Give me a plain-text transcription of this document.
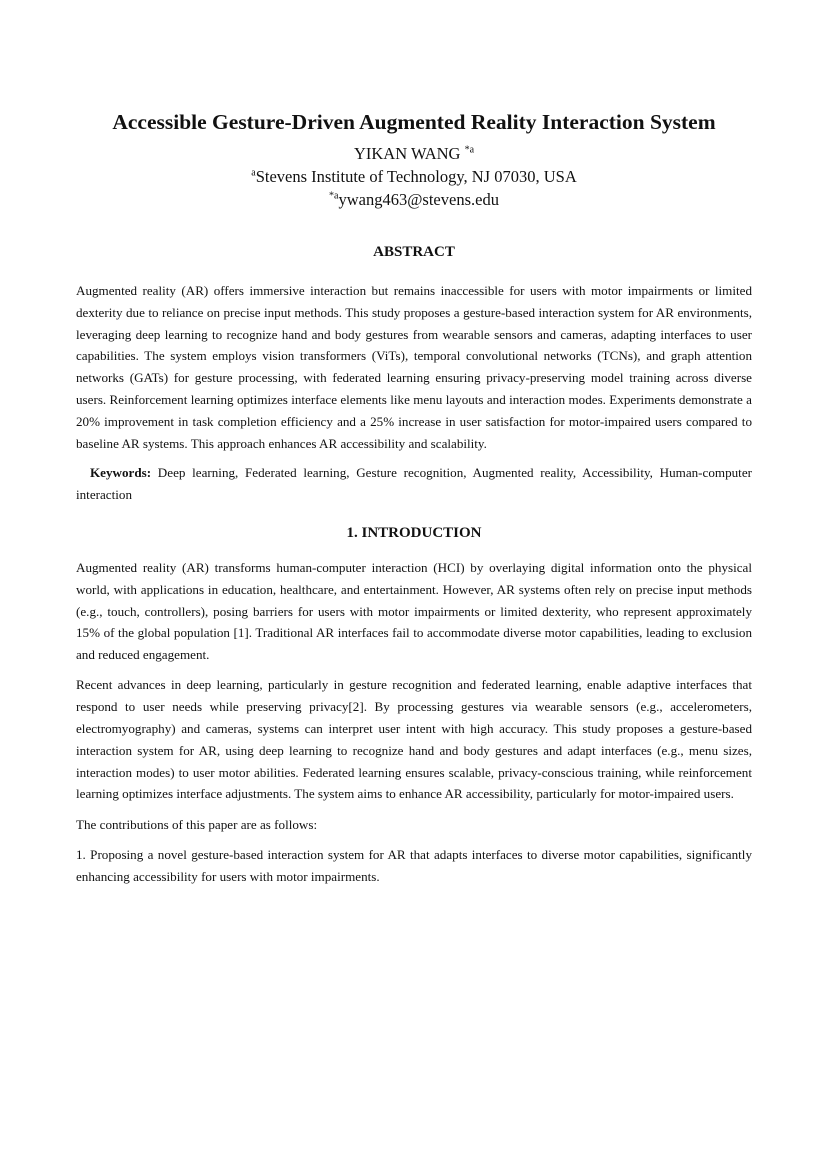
Accessible Gesture-Driven Augmented Reality Interaction System
YIKAN WANG $^{*a}$
$^a$Stevens Institute of Technology, NJ 07030, USA
$^{*a}$ywang463@stevens.edu
ABSTRACT

Augmented reality (AR) offers immersive interaction but remains inaccessible for users with motor impairments or limited dexterity due to reliance on precise input methods. This study proposes a gesture-based interaction system for AR environments, leveraging deep learning to recognize hand and body gestures from wearable sensors and cameras, adapting interfaces to user capabilities. The system employs vision transformers (ViTs), temporal convolutional networks (TCNs), and graph attention networks (GATs) for gesture processing, with federated learning ensuring privacy-preserving model training across diverse users. Reinforcement learning optimizes interface elements like menu layouts and interaction modes. Experiments demonstrate a 20% improvement in task completion efficiency and a 25% increase in user satisfaction for motor-impaired users compared to baseline AR systems. This approach enhances AR accessibility and scalability.

Keywords: Deep learning, Federated learning, Gesture recognition, Augmented reality, Accessibility, Human-computer interaction

1. INTRODUCTION

Augmented reality (AR) transforms human-computer interaction (HCI) by overlaying digital information onto the physical world, with applications in education, healthcare, and entertainment. However, AR systems often rely on precise input methods (e.g., touch, controllers), posing barriers for users with motor impairments or limited dexterity, who represent approximately 15% of the global population [1]. Traditional AR interfaces fail to accommodate diverse motor capabilities, leading to exclusion and reduced engagement.

Recent advances in deep learning, particularly in gesture recognition and federated learning, enable adaptive interfaces that respond to user needs while preserving privacy[2]. By processing gestures via wearable sensors (e.g., accelerometers, electromyography) and cameras, systems can interpret user intent with high accuracy. This study proposes a gesture-based interaction system for AR, using deep learning to recognize hand and body gestures and adapt interfaces (e.g., menu sizes, interaction modes) to user motor abilities. Federated learning ensures scalable, privacy-conscious training, while reinforcement learning optimizes interface adjustments. The system aims to enhance AR accessibility, particularly for motor-impaired users.

The contributions of this paper are as follows:

1. Proposing a novel gesture-based interaction system for AR that adapts interfaces to diverse motor capabilities, significantly enhancing accessibility for users with motor impairments.
